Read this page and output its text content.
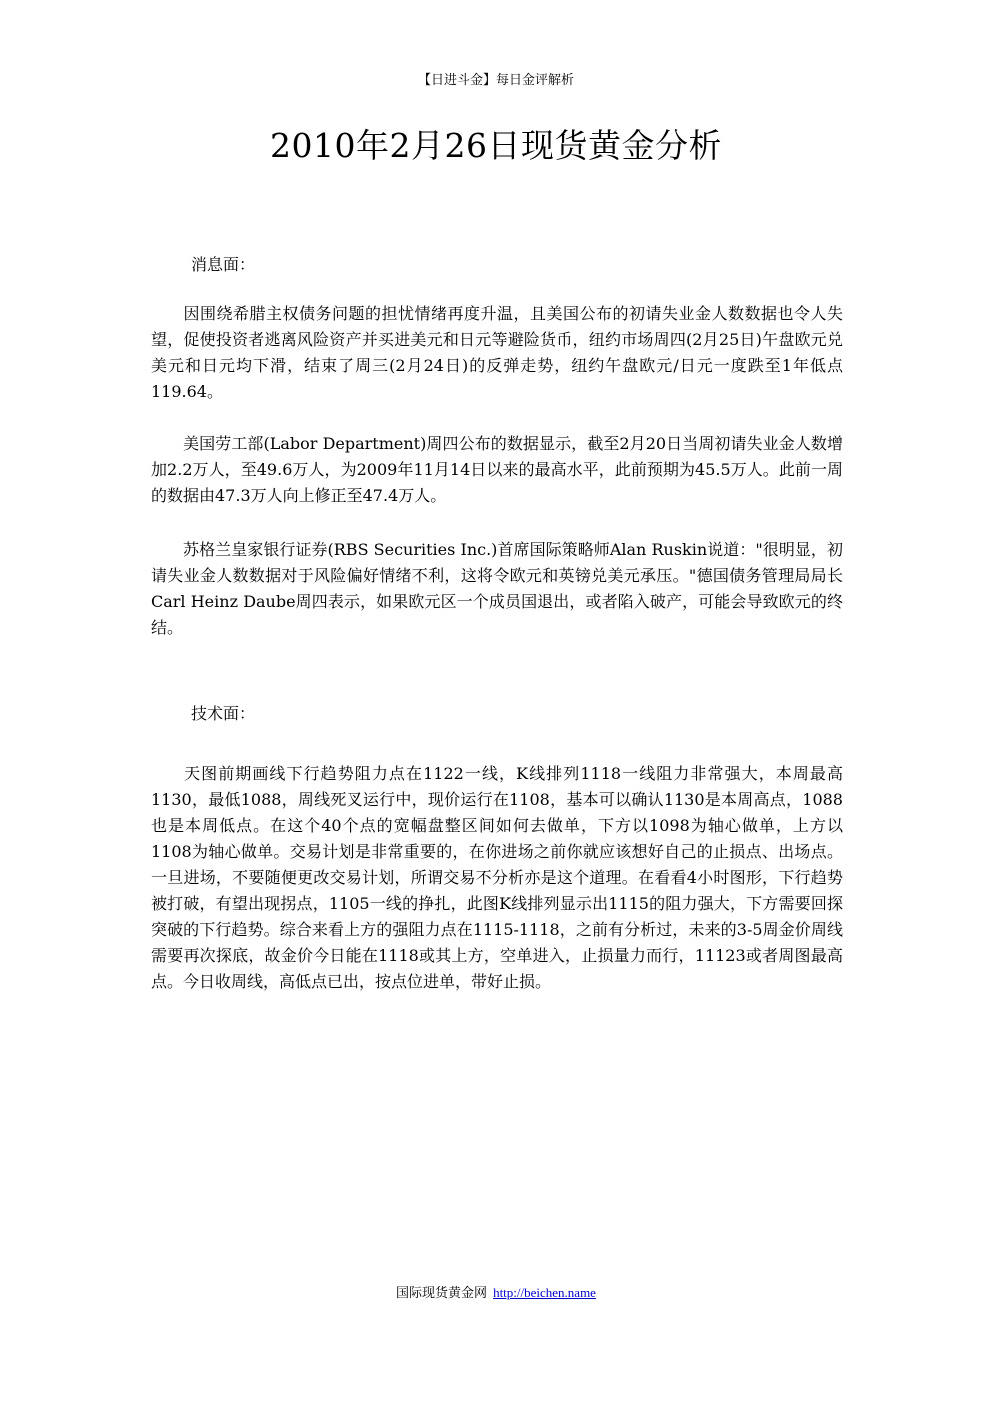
【日进斗金】每日金评解析
2010年2月26日现货黄金分析
消息面：
因围绕希腊主权债务问题的担忧情绪再度升温，且美国公布的初请失业金人数数据也令人失望，促使投资者逃离风险资产并买进美元和日元等避险货币，纽约市场周四(2月25日)午盘欧元兑美元和日元均下滑，结束了周三(2月24日)的反弹走势，纽约午盘欧元/日元一度跌至1年低点119.64。
美国劳工部(Labor Department)周四公布的数据显示，截至2月20日当周初请失业金人数增加2.2万人，至49.6万人，为2009年11月14日以来的最高水平，此前预期为45.5万人。此前一周的数据由47.3万人向上修正至47.4万人。
苏格兰皇家银行证券(RBS Securities Inc.)首席国际策略师Alan Ruskin说道："很明显，初请失业金人数数据对于风险偏好情绪不利，这将令欧元和英镑兑美元承压。"德国债务管理局局长Carl Heinz Daube周四表示，如果欧元区一个成员国退出，或者陷入破产，可能会导致欧元的终结。
技术面：
天图前期画线下行趋势阻力点在1122一线，K线排列1118一线阻力非常强大，本周最高1130，最低1088，周线死叉运行中，现价运行在1108，基本可以确认1130是本周高点，1088也是本周低点。在这个40个点的宽幅盘整区间如何去做单，下方以1098为轴心做单，上方以1108为轴心做单。交易计划是非常重要的，在你进场之前你就应该想好自己的止损点、出场点。一旦进场，不要随便更改交易计划，所谓交易不分析亦是这个道理。在看看4小时图形，下行趋势被打破，有望出现拐点，1105一线的挣扎，此图K线排列显示出1115的阻力强大，下方需要回探突破的下行趋势。综合来看上方的强阻力点在1115-1118，之前有分析过，未来的3-5周金价周线需要再次探底，故金价今日能在1118或其上方，空单进入，止损量力而行，11123或者周图最高点。今日收周线，高低点已出，按点位进单，带好止损。
国际现货黄金网 http://beichen.name
